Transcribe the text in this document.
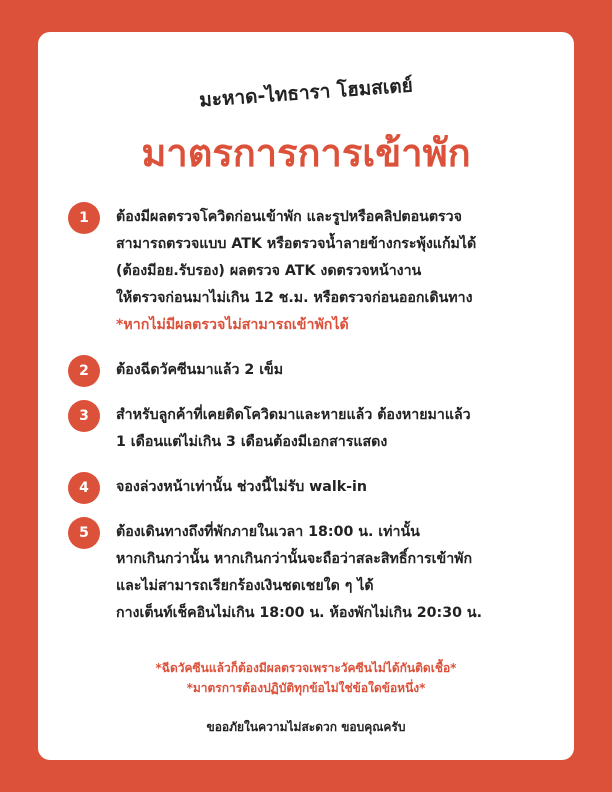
มะหาด-ไทธารา โฮมสเตย์
มาตรการการเข้าพัก
1	ต้องมีผลตรวจโควิดก่อนเข้าพัก และรูปหรือคลิปตอนตรวจ
สามารถตรวจแบบ ATK หรือตรวจน้ำลายข้างกระพุ้งแก้มได้
(ต้องมีอย.รับรอง) ผลตรวจ ATK งดตรวจหน้างาน
ให้ตรวจก่อนมาไม่เกิน 12 ช.ม. หรือตรวจก่อนออกเดินทาง
*หากไม่มีผลตรวจไม่สามารถเข้าพักได้
2	ต้องฉีดวัคซีนมาแล้ว 2 เข็ม
3	สำหรับลูกค้าที่เคยติดโควิดมาและหายแล้ว ต้องหายมาแล้ว
1 เดือนแต่ไม่เกิน 3 เดือนต้องมีเอกสารแสดง
4	จองล่วงหน้าเท่านั้น ช่วงนี้ไม่รับ walk-in
5	ต้องเดินทางถึงที่พักภายในเวลา 18:00 น. เท่านั้น
หากเกินกว่านั้น หากเกินกว่านั้นจะถือว่าสละสิทธิ์การเข้าพัก
และไม่สามารถเรียกร้องเงินชดเชยใด ๆ ได้
กางเต็นท์เช็คอินไม่เกิน 18:00 น. ห้องพักไม่เกิน 20:30 น.
*ฉีดวัคซีนแล้วก็ต้องมีผลตรวจเพราะวัคซีนไม่ได้กันติดเชื้อ*
*มาตรการต้องปฏิบัติทุกข้อไม่ใช่ข้อใดข้อหนึ่ง*
ขออภัยในความไม่สะดวก ขอบคุณครับ
